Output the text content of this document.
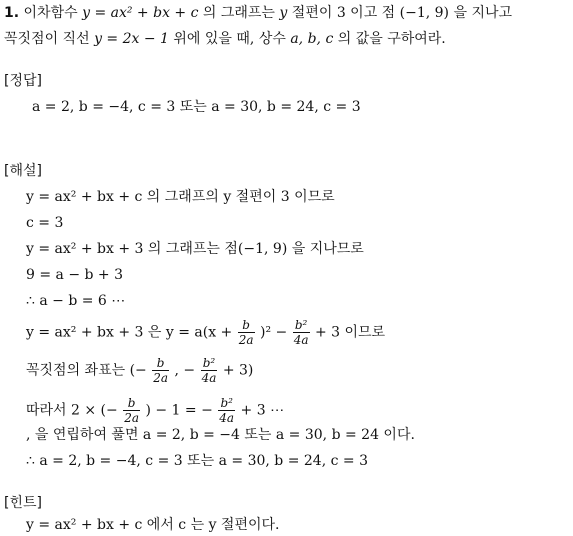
1. 이차함수 y = ax² + bx + c 의 그래프는 y 절편이 3 이고 점 (−1, 9) 을 지나고
꼭짓점이 직선 y = 2x − 1 위에 있을 때, 상수 a, b, c 의 값을 구하여라.
[정답]
a = 2, b = −4, c = 3 또는 a = 30, b = 24, c = 3
[해설]
y = ax² + bx + c 의 그래프의 y 절편이 3 이므로
c = 3
y = ax² + bx + 3 의 그래프는 점(−1, 9) 을 지나므로
9 = a − b + 3
∴ a − b = 6 ⋯
y = ax² + bx + 3 은 $y = a(x + \frac{b}{2a} )^2 - \frac{\text{b²}}{4a} + 3$ 이므로
꼭짓점의 좌표는 (− $\frac{b}{2a}$ , − $\frac{\text{b²}}{4a} + 3$)
따라서 2 × (− $\frac{b}{2a}$ ) − 1 = − $\frac{\text{b²}}{4a} + 3$ ⋯
, 을 연립하여 풀면 a = 2, b = −4 또는 a = 30, b = 24 이다.
∴ a = 2, b = −4, c = 3 또는 a = 30, b = 24, c = 3
[힌트]
y = ax² + bx + c 에서 c 는 y 절편이다.
